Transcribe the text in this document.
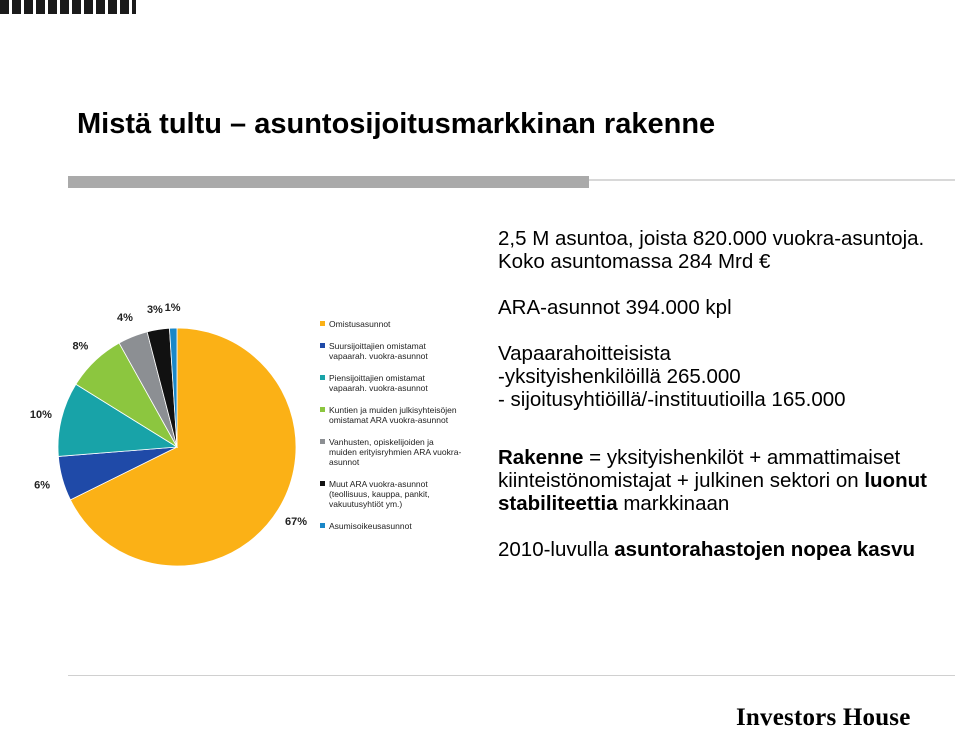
Mistä tultu – asuntosijoitusmarkkinan rakenne
67%
6%
10%
8%
4%
3% 1%
Omistusasunnot
Suursijoittajien omistamat
vapaarah. vuokra-asunnot
Piensijoittajien omistamat
vapaarah. vuokra-asunnot
Kuntien ja muiden julkisyhteisöjen
omistamat ARA vuokra-asunnot
Vanhusten, opiskelijoiden ja
muiden erityisryhmien ARA vuokra-
asunnot
Muut ARA vuokra-asunnot
(teollisuus, kauppa, pankit,
vakuutusyhtiöt ym.)
Asumisoikeusasunnot

2,5 M asuntoa, joista 820.000 vuokra-asuntoja. Koko asuntomassa 284 Mrd €

ARA-asunnot 394.000 kpl

Vapaarahoitteisista

-yksityishenkilöillä 265.000

- sijoitusyhtiöillä/-instituutioilla 165.000

Rakenne = yksityishenkilöt + ammattimaiset kiinteistönomistajat + julkinen sektori on luonut stabiliteettia markkinaan

2010-luvulla asuntorahastojen nopea kasvu

Investors House
